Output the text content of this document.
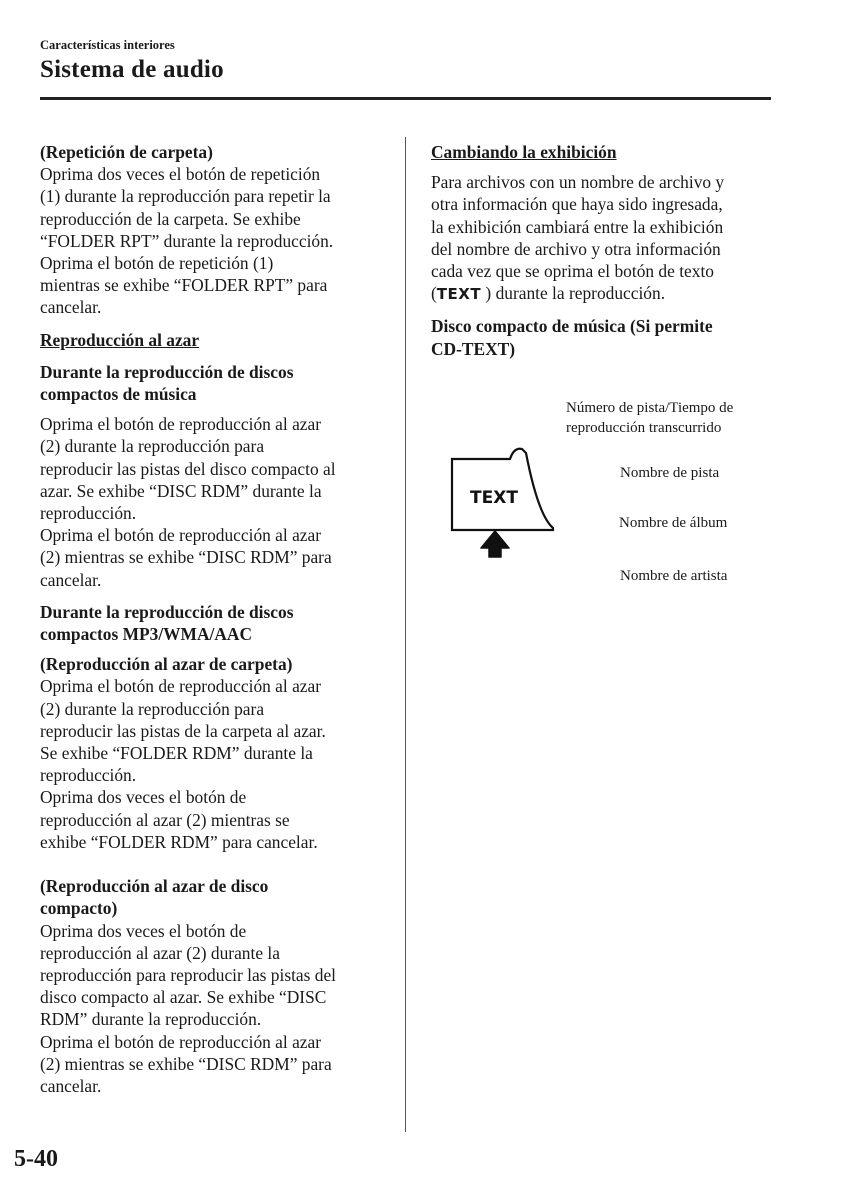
Características interiores
Sistema de audio

(Repetición de carpeta)

Oprima dos veces el botón de repetición

(1) durante la reproducción para repetir la

reproducción de la carpeta. Se exhibe

“FOLDER RPT” durante la reproducción.

Oprima el botón de repetición (1)

mientras se exhibe “FOLDER RPT” para

cancelar.

Reproducción al azar

Durante la reproducción de discos

compactos de música

Oprima el botón de reproducción al azar

(2) durante la reproducción para

reproducir las pistas del disco compacto al

azar. Se exhibe “DISC RDM” durante la

reproducción.

Oprima el botón de reproducción al azar

(2) mientras se exhibe “DISC RDM” para

cancelar.

Durante la reproducción de discos

compactos MP3/WMA/AAC

(Reproducción al azar de carpeta)

Oprima el botón de reproducción al azar

(2) durante la reproducción para

reproducir las pistas de la carpeta al azar.

Se exhibe “FOLDER RDM” durante la

reproducción.

Oprima dos veces el botón de

reproducción al azar (2) mientras se

exhibe “FOLDER RDM” para cancelar.

(Reproducción al azar de disco

compacto)

Oprima dos veces el botón de

reproducción al azar (2) durante la

reproducción para reproducir las pistas del

disco compacto al azar. Se exhibe “DISC

RDM” durante la reproducción.

Oprima el botón de reproducción al azar

(2) mientras se exhibe “DISC RDM” para

cancelar.

Cambiando la exhibición

Para archivos con un nombre de archivo y

otra información que haya sido ingresada,

la exhibición cambiará entre la exhibición

del nombre de archivo y otra información

cada vez que se oprima el botón de texto

(TEXT ) durante la reproducción.

Disco compacto de música (Si permite

CD-TEXT)

TEXT
Número de pista/Tiempo de
reproducción transcurrido
Nombre de pista
Nombre de álbum
Nombre de artista
5-40
